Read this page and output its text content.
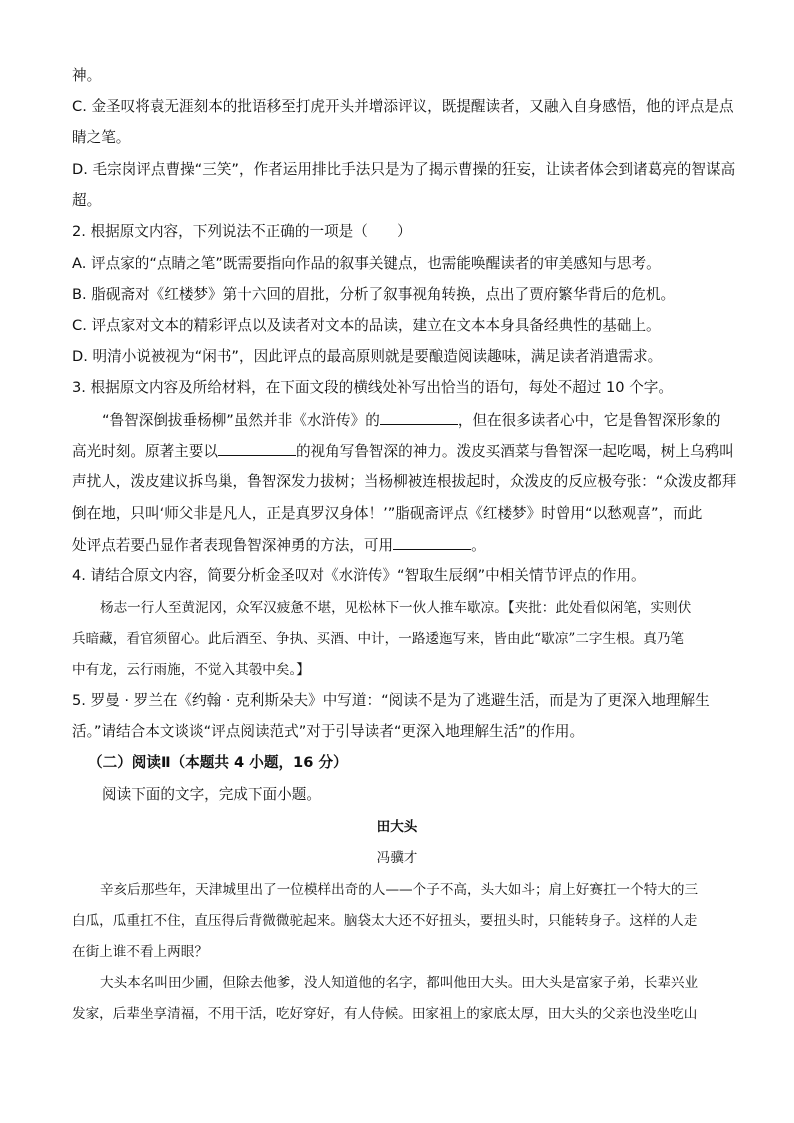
神。
C. 金圣叹将袁无涯刻本的批语移至打虎开头并增添评议，既提醒读者，又融入自身感悟，他的评点是点
睛之笔。
D. 毛宗岗评点曹操“三笑”，作者运用排比手法只是为了揭示曹操的狂妄，让读者体会到诸葛亮的智谋高
超。
2. 根据原文内容，下列说法不正确的一项是（　　）
A. 评点家的“点睛之笔”既需要指向作品的叙事关键点，也需能唤醒读者的审美感知与思考。
B. 脂砚斋对《红楼梦》第十六回的眉批，分析了叙事视角转换，点出了贾府繁华背后的危机。
C. 评点家对文本的精彩评点以及读者对文本的品读，建立在文本本身具备经典性的基础上。
D. 明清小说被视为“闲书”，因此评点的最高原则就是要酿造阅读趣味，满足读者消遣需求。
3. 根据原文内容及所给材料，在下面文段的横线处补写出恰当的语句，每处不超过 10 个字。
“鲁智深倒拔垂杨柳”虽然并非《水浒传》的	，但在很多读者心中，它是鲁智深形象的
高光时刻。原著主要以	的视角写鲁智深的神力。泼皮买酒菜与鲁智深一起吃喝，树上乌鸦叫
声扰人，泼皮建议拆鸟巢，鲁智深发力拔树；当杨柳被连根拔起时，众泼皮的反应极夸张：“众泼皮都拜
倒在地，只叫‘师父非是凡人，正是真罗汉身体！’”脂砚斋评点《红楼梦》时曾用“以愁观喜”，而此
处评点若要凸显作者表现鲁智深神勇的方法，可用	。
4. 请结合原文内容，简要分析金圣叹对《水浒传》“智取生辰纲”中相关情节评点的作用。
杨志一行人至黄泥冈，众军汉疲惫不堪，见松林下一伙人推车歇凉。【夹批：此处看似闲笔，实则伏
兵暗藏，看官须留心。此后酒至、争执、买酒、中计，一路逶迤写来，皆由此“歇凉”二字生根。真乃笔
中有龙，云行雨施，不觉入其彀中矣。】
5. 罗曼 · 罗兰在《约翰 · 克利斯朵夫》中写道：“阅读不是为了逃避生活，而是为了更深入地理解生
活。”请结合本文谈谈“评点阅读范式”对于引导读者“更深入地理解生活”的作用。
（二）阅读Ⅱ（本题共 4 小题，16 分）
阅读下面的文字，完成下面小题。
田大头
冯骥才
辛亥后那些年，天津城里出了一位模样出奇的人——个子不高，头大如斗；肩上好赛扛一个特大的三
白瓜，瓜重扛不住，直压得后背微微驼起来。脑袋太大还不好扭头，要扭头时，只能转身子。这样的人走
在街上谁不看上两眼？
大头本名叫田少圃，但除去他爹，没人知道他的名字，都叫他田大头。田大头是富家子弟，长辈兴业
发家，后辈坐享清福，不用干活，吃好穿好，有人侍候。田家祖上的家底太厚，田大头的父亲也没坐吃山
